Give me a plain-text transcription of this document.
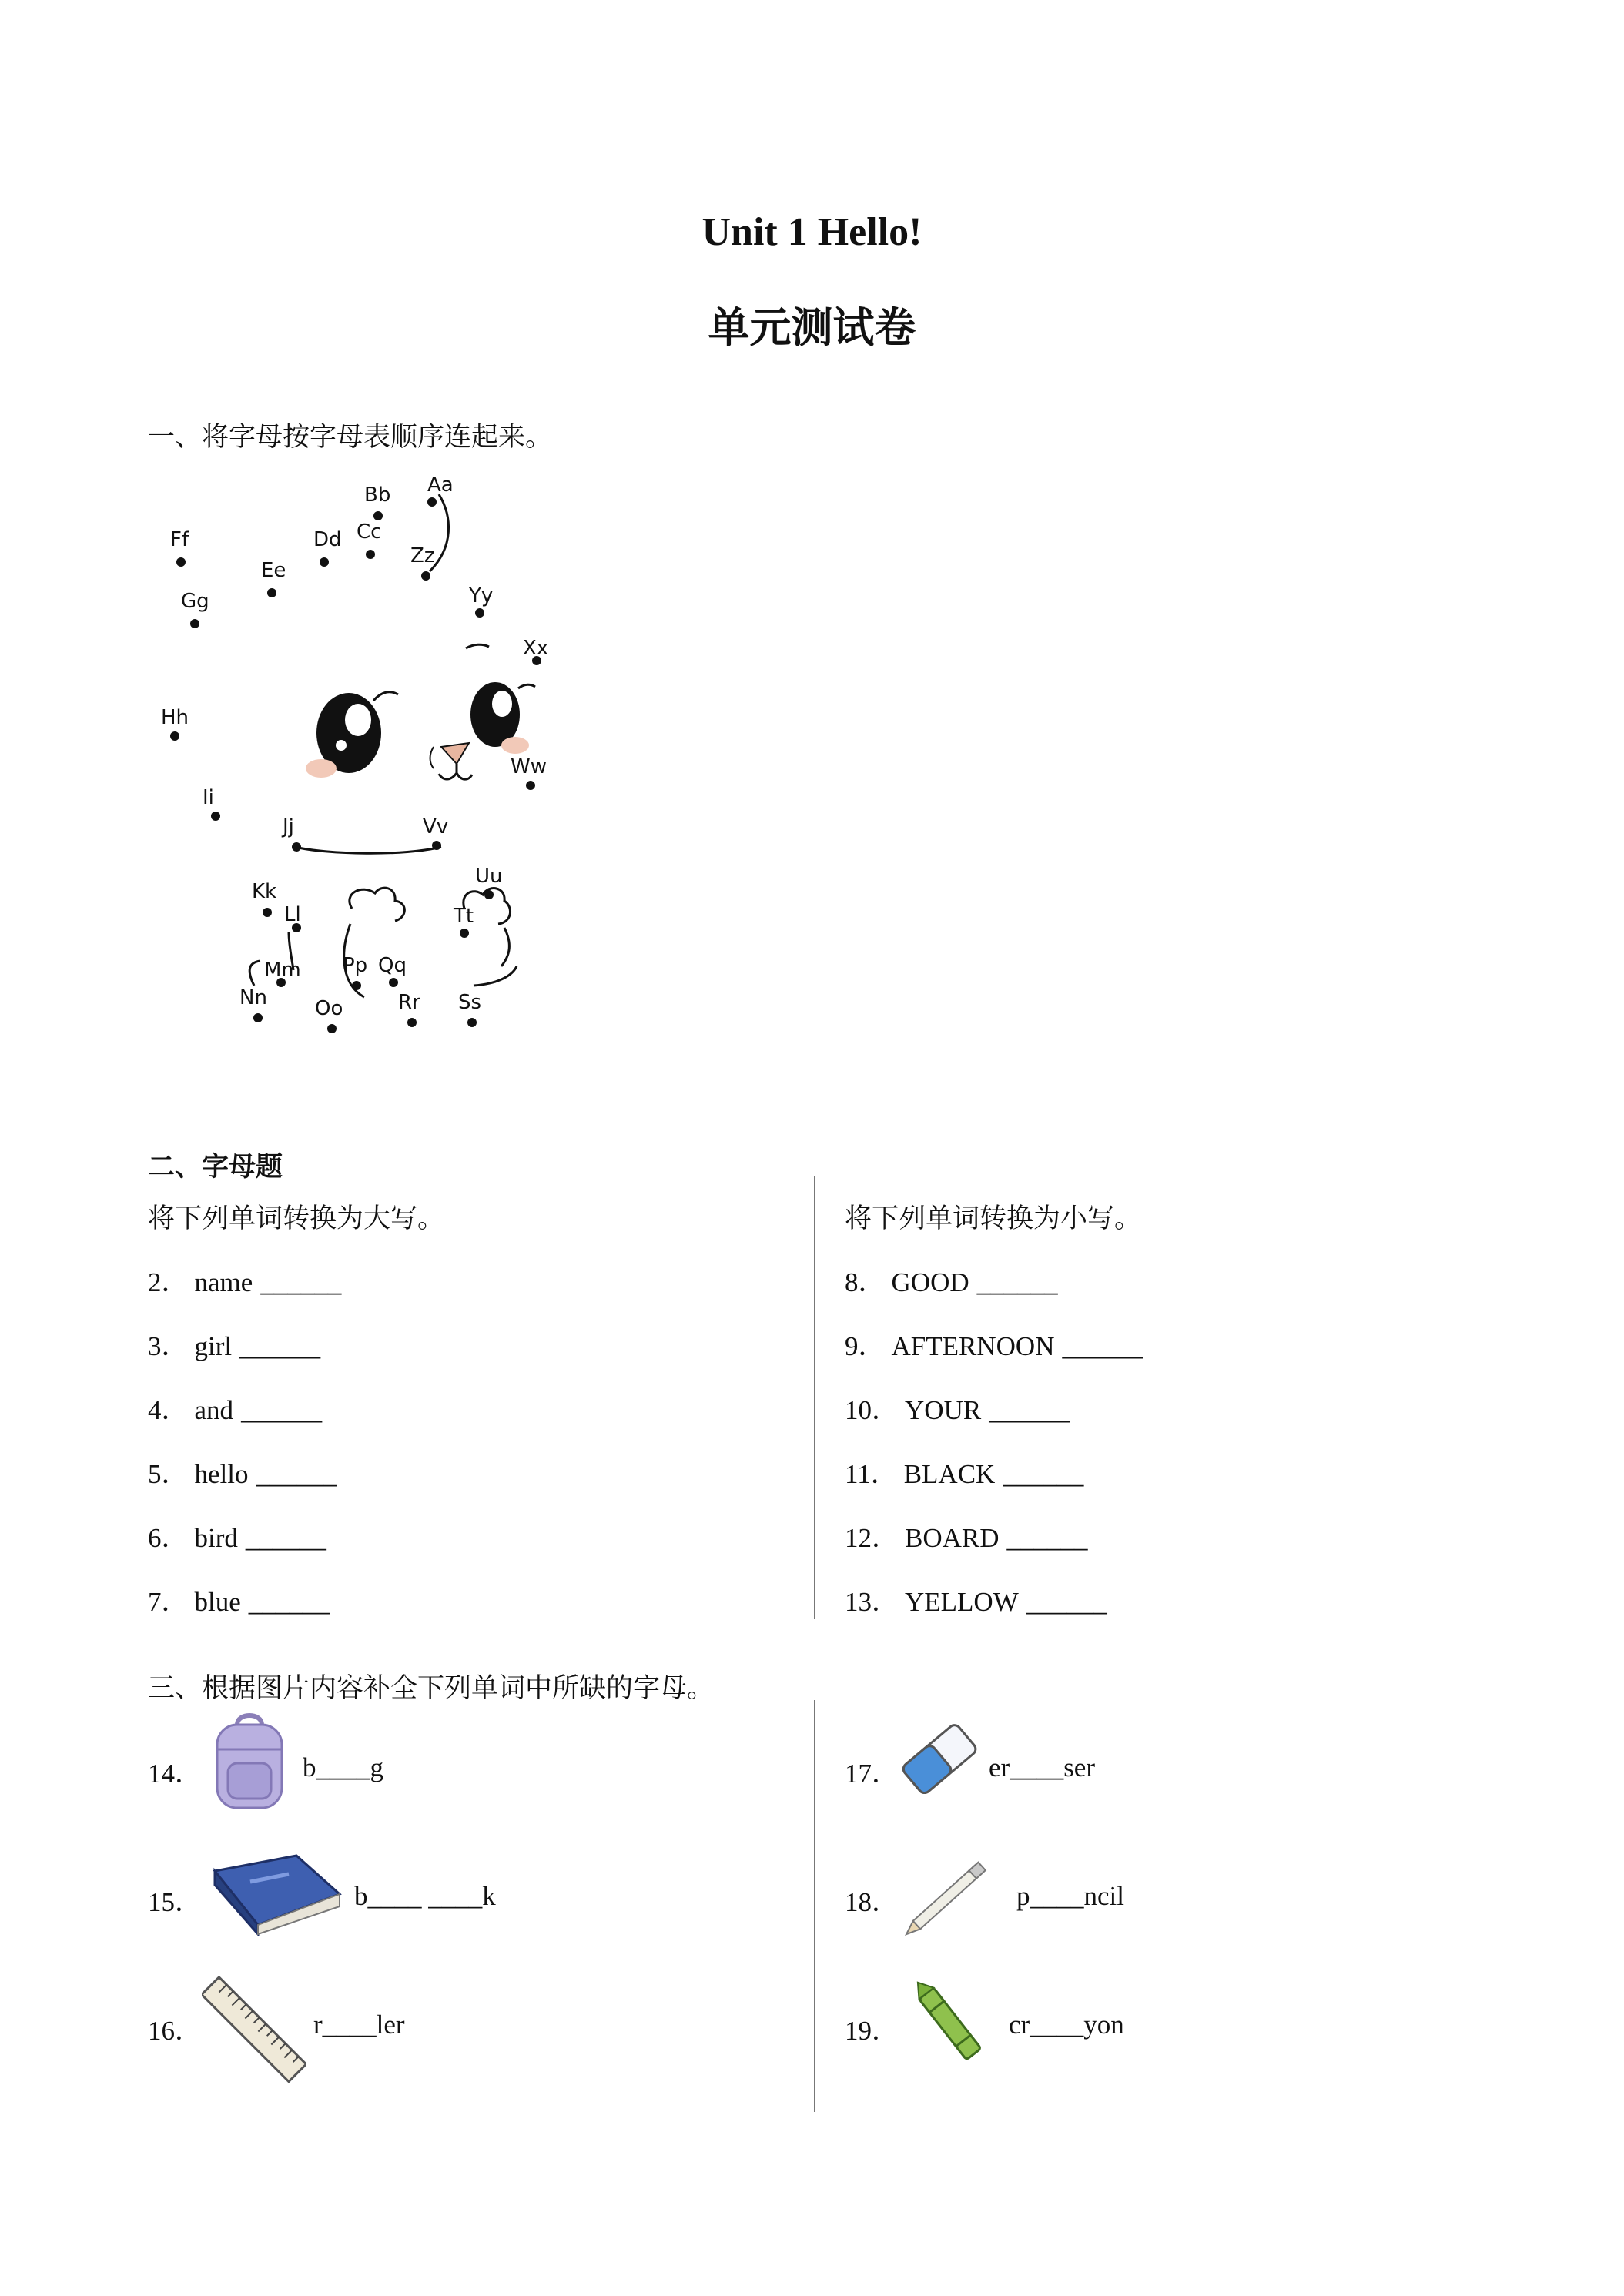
Unit 1 Hello!
单元测试卷
一、将字母按字母表顺序连起来。
Aa
Bb
Cc
Dd
Ee
Ff
Gg
Hh
Ii
Jj
Kk
Ll
Mm
Nn Oo
Pp Qq
Rr Ss
Tt
Uu
Vv
Ww
Xx
Yy
Zz
二、字母题
将下列单词转换为大写。	将下列单词转换为小写。
2． name ______
3． girl ______
4． and ______
5． hello ______
6． bird ______
7． blue ______
8． GOOD ______
9． AFTERNOON ______
10． YOUR ______
11． BLACK ______
12． BOARD ______
13． YELLOW ______
三、根据图片内容补全下列单词中所缺的字母。
14．	b____g
15．	b____ ____k
16．	r____ler
17．	er____ser
18．	p____ncil
19．	cr____yon
